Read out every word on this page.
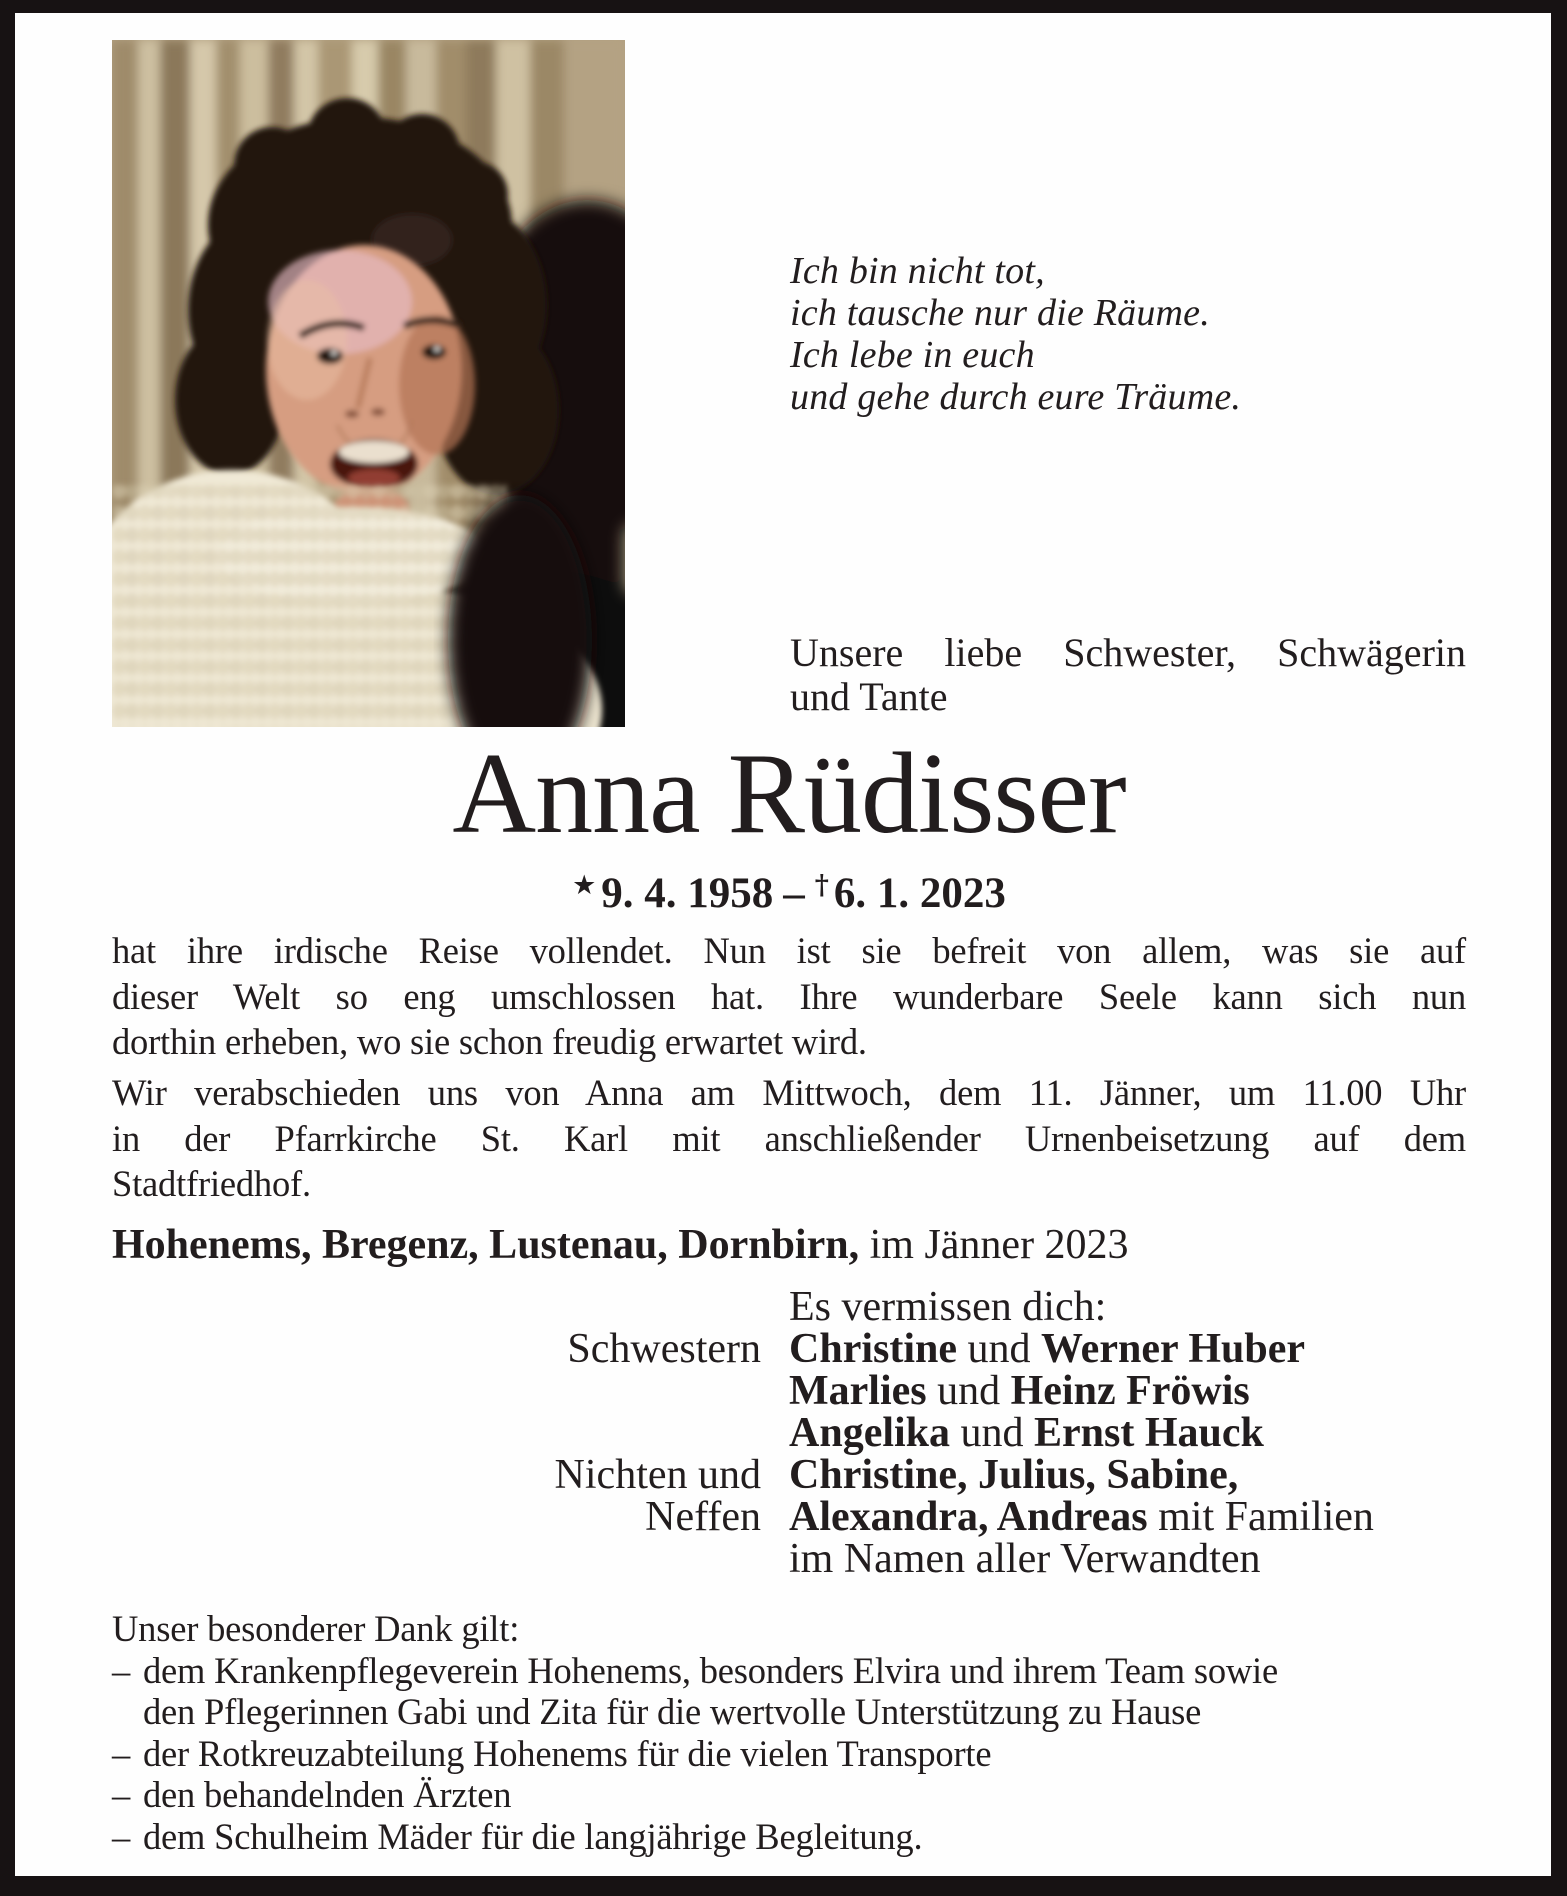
Ich bin nicht tot,
ich tausche nur die Räume.
Ich lebe in euch
und gehe durch eure Träume.
Unsere liebe Schwester, Schwägerin
und Tante
Anna Rüdisser
★ 9. 4. 1958 – † 6. 1. 2023
hat ihre irdische Reise vollendet. Nun ist sie befreit von allem, was sie auf
dieser Welt so eng umschlossen hat. Ihre wunderbare Seele kann sich nun
dorthin erheben, wo sie schon freudig erwartet wird.
Wir verabschieden uns von Anna am Mittwoch, dem 11. Jänner, um 11.00 Uhr
in der Pfarrkirche St. Karl mit anschließender Urnenbeisetzung auf dem
Stadtfriedhof.
Hohenems, Bregenz, Lustenau, Dornbirn, im Jänner 2023
Es vermissen dich:
Schwestern Christine und Werner Huber
Marlies und Heinz Fröwis
Angelika und Ernst Hauck
Nichten und Christine, Julius, Sabine,
Neffen Alexandra, Andreas mit Familien
im Namen aller Verwandten
Unser besonderer Dank gilt:
– dem Krankenpflegeverein Hohenems, besonders Elvira und ihrem Team sowie
den Pflegerinnen Gabi und Zita für die wertvolle Unterstützung zu Hause
– der Rotkreuzabteilung Hohenems für die vielen Transporte
– den behandelnden Ärzten
– dem Schulheim Mäder für die langjährige Begleitung.
